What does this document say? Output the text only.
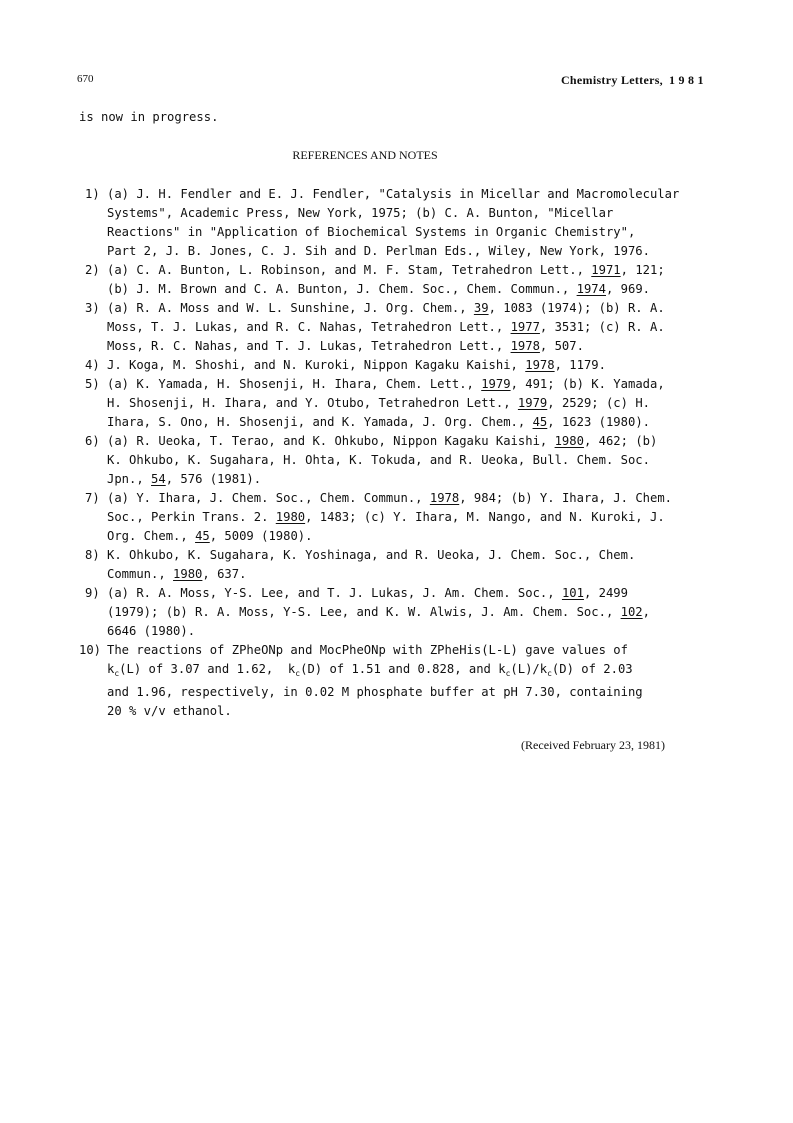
670	Chemistry Letters, 1981
is now in progress.
REFERENCES AND NOTES
1) (a) J. H. Fendler and E. J. Fendler, "Catalysis in Micellar and Macromolecular
Systems", Academic Press, New York, 1975; (b) C. A. Bunton, "Micellar
Reactions" in "Application of Biochemical Systems in Organic Chemistry",
Part 2, J. B. Jones, C. J. Sih and D. Perlman Eds., Wiley, New York, 1976.
2) (a) C. A. Bunton, L. Robinson, and M. F. Stam, Tetrahedron Lett., 1971, 121;
(b) J. M. Brown and C. A. Bunton, J. Chem. Soc., Chem. Commun., 1974, 969.
3) (a) R. A. Moss and W. L. Sunshine, J. Org. Chem., 39, 1083 (1974); (b) R. A.
Moss, T. J. Lukas, and R. C. Nahas, Tetrahedron Lett., 1977, 3531; (c) R. A.
Moss, R. C. Nahas, and T. J. Lukas, Tetrahedron Lett., 1978, 507.
4) J. Koga, M. Shoshi, and N. Kuroki, Nippon Kagaku Kaishi, 1978, 1179.
5) (a) K. Yamada, H. Shosenji, H. Ihara, Chem. Lett., 1979, 491; (b) K. Yamada,
H. Shosenji, H. Ihara, and Y. Otubo, Tetrahedron Lett., 1979, 2529; (c) H.
Ihara, S. Ono, H. Shosenji, and K. Yamada, J. Org. Chem., 45, 1623 (1980).
6) (a) R. Ueoka, T. Terao, and K. Ohkubo, Nippon Kagaku Kaishi, 1980, 462; (b)
K. Ohkubo, K. Sugahara, H. Ohta, K. Tokuda, and R. Ueoka, Bull. Chem. Soc.
Jpn., 54, 576 (1981).
7) (a) Y. Ihara, J. Chem. Soc., Chem. Commun., 1978, 984; (b) Y. Ihara, J. Chem.
Soc., Perkin Trans. 2. 1980, 1483; (c) Y. Ihara, M. Nango, and N. Kuroki, J.
Org. Chem., 45, 5009 (1980).
8) K. Ohkubo, K. Sugahara, K. Yoshinaga, and R. Ueoka, J. Chem. Soc., Chem.
Commun., 1980, 637.
9) (a) R. A. Moss, Y-S. Lee, and T. J. Lukas, J. Am. Chem. Soc., 101, 2499
(1979); (b) R. A. Moss, Y-S. Lee, and K. W. Alwis, J. Am. Chem. Soc., 102,
6646 (1980).
10)
The reactions of ZPheONp and MocPheONp with ZPheHis(L-L) gave values of
$k_c(L)$ of 3.07 and 1.62,  $k_c(D)$ of 1.51 and 0.828, and $k_c(L)/k_c(D)$ of 2.03
and 1.96, respectively, in 0.02 M phosphate buffer at pH 7.30, containing
20 % v/v ethanol.
(Received February 23, 1981)
